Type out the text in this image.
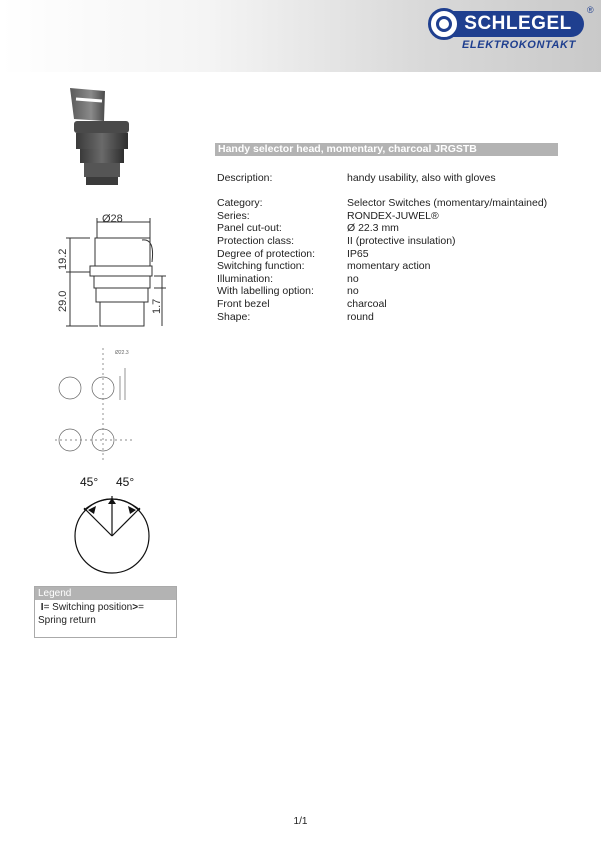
SCHLEGEL
®
ELEKTROKONTAKT
Ø28
19.2
29.0	1.7
Ø22.3
45° 45°
Handy selector head, momentary, charcoal JRGSTB
Description:	handy usability, also with gloves
Category:	Selector Switches (momentary/maintained)
Series:	RONDEX-JUWEL®
Panel cut-out:	Ø 22.3 mm
Protection class:	II (protective insulation)
Degree of protection:	IP65
Switching function:	momentary action
Illumination:	no
With labelling option:	no
Front bezel	charcoal
Shape:	round
Legend
I= Switching position>=
Spring return
1/1
